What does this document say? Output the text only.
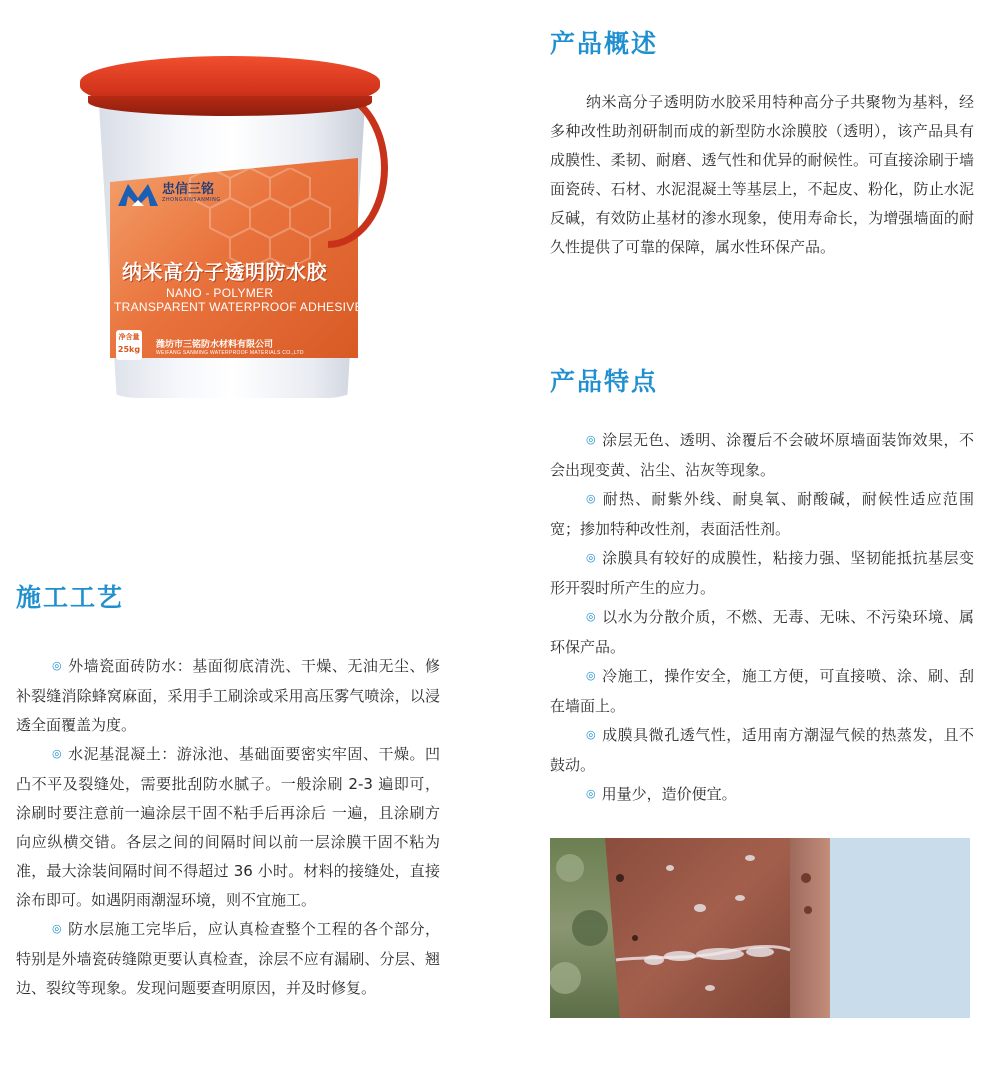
忠信三铭
ZHONGXINSANMING
纳米高分子透明防水胶
NANO - POLYMER
TRANSPARENT WATERPROOF ADHESIVE
净含量
25kg 潍坊市三铭防水材料有限公司
WEIFANG SANMING WATERPROOF MATERIALS CO.,LTD
产品概述

纳米高分子透明防水胶采用特种高分子共聚物为基料，经多种改性助剂研制而成的新型防水涂膜胶（透明），该产品具有成膜性、柔韧、耐磨、透气性和优异的耐候性。可直接涂刷于墙面瓷砖、石材、水泥混凝土等基层上，不起皮、粉化，防止水泥反碱，有效防止基材的渗水现象，使用寿命长，为增强墙面的耐久性提供了可靠的保障，属水性环保产品。

产品特点

◎ 涂层无色、透明、涂覆后不会破坏原墙面装饰效果，不会出现变黄、沾尘、沾灰等现象。

◎ 耐热、耐紫外线、耐臭氧、耐酸碱，耐候性适应范围宽；掺加特种改性剂，表面活性剂。

◎ 涂膜具有较好的成膜性，粘接力强、坚韧能抵抗基层变形开裂时所产生的应力。

◎ 以水为分散介质，不燃、无毒、无味、不污染环境、属环保产品。

◎ 冷施工，操作安全，施工方便，可直接喷、涂、刷、刮在墙面上。

◎ 成膜具微孔透气性，适用南方潮湿气候的热蒸发，且不鼓动。

◎ 用量少，造价便宜。

施工工艺

◎ 外墙瓷面砖防水：基面彻底清洗、干燥、无油无尘、修补裂缝消除蜂窝麻面，采用手工刷涂或采用高压雾气喷涂，以浸透全面覆盖为度。

◎ 水泥基混凝土：游泳池、基础面要密实牢固、干燥。凹凸不平及裂缝处，需要批刮防水腻子。一般涂刷 2-3 遍即可，涂刷时要注意前一遍涂层干固不粘手后再涂后 一遍，且涂刷方向应纵横交错。各层之间的间隔时间以前一层涂膜干固不粘为准，最大涂装间隔时间不得超过 36 小时。材料的接缝处，直接涂布即可。如遇阴雨潮湿环境，则不宜施工。

◎ 防水层施工完毕后，应认真检查整个工程的各个部分，特别是外墙瓷砖缝隙更要认真检查，涂层不应有漏刷、分层、翘边、裂纹等现象。发现问题要查明原因，并及时修复。
